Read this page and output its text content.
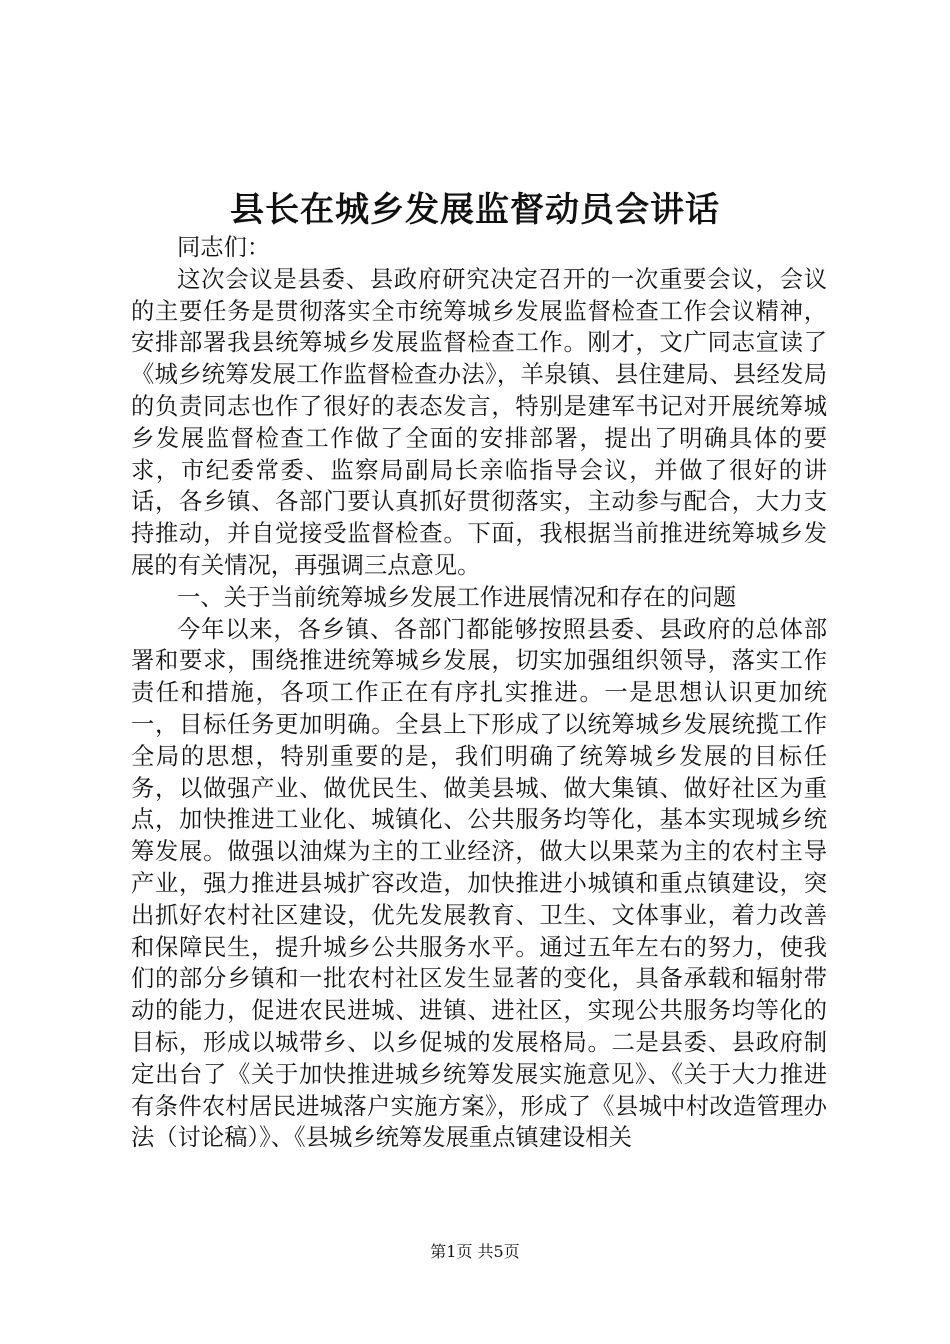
县长在城乡发展监督动员会讲话

同志们：

这次会议是县委、县政府研究决定召开的一次重要会议，会议的主要任务是贯彻落实全市统筹城乡发展监督检查工作会议精神，安排部署我县统筹城乡发展监督检查工作。刚才，文广同志宣读了《城乡统筹发展工作监督检查办法》，羊泉镇、县住建局、县经发局的负责同志也作了很好的表态发言，特别是建军书记对开展统筹城乡发展监督检查工作做了全面的安排部署，提出了明确具体的要求，市纪委常委、监察局副局长亲临指导会议，并做了很好的讲话，各乡镇、各部门要认真抓好贯彻落实，主动参与配合，大力支持推动，并自觉接受监督检查。下面，我根据当前推进统筹城乡发展的有关情况，再强调三点意见。

一、关于当前统筹城乡发展工作进展情况和存在的问题

今年以来，各乡镇、各部门都能够按照县委、县政府的总体部署和要求，围绕推进统筹城乡发展，切实加强组织领导，落实工作责任和措施，各项工作正在有序扎实推进。一是思想认识更加统一，目标任务更加明确。全县上下形成了以统筹城乡发展统揽工作全局的思想，特别重要的是，我们明确了统筹城乡发展的目标任务，以做强产业、做优民生、做美县城、做大集镇、做好社区为重点，加快推进工业化、城镇化、公共服务均等化，基本实现城乡统筹发展。做强以油煤为主的工业经济，做大以果菜为主的农村主导产业，强力推进县城扩容改造，加快推进小城镇和重点镇建设，突出抓好农村社区建设，优先发展教育、卫生、文体事业，着力改善和保障民生，提升城乡公共服务水平。通过五年左右的努力，使我们的部分乡镇和一批农村社区发生显著的变化，具备承载和辐射带动的能力，促进农民进城、进镇、进社区，实现公共服务均等化的目标，形成以城带乡、以乡促城的发展格局。二是县委、县政府制定出台了《关于加快推进城乡统筹发展实施意见》、《关于大力推进有条件农村居民进城落户实施方案》，形成了《县城中村改造管理办法（讨论稿）》、《县城乡统筹发展重点镇建设相关

第1页 共5页
